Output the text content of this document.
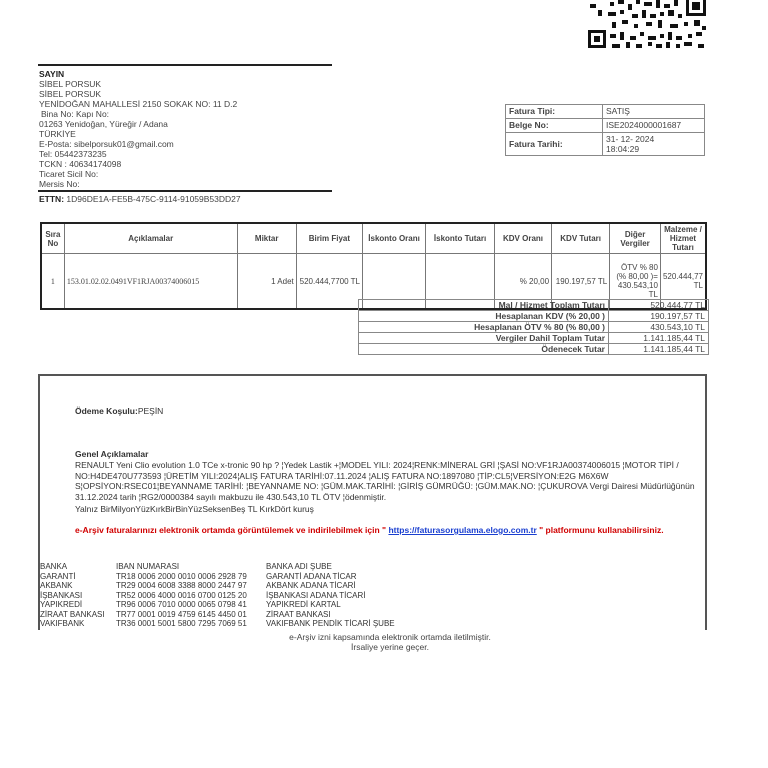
SAYIN
SİBEL PORSUK
SİBEL PORSUK
YENİDOĞAN MAHALLESİ 2150 SOKAK NO: 11 D.2
Bina No: Kapı No:
01263 Yenidoğan, Yüreğir / Adana
TÜRKİYE
E-Posta: sibelporsuk01@gmail.com
Tel: 05442373235
TCKN : 40634174098
Ticaret Sicil No:
Mersis No:
ETTN: 1D96DE1A-FE5B-475C-9114-91059B53DD27
Fatura Tipi:	SATIŞ
Belge No:	ISE2024000001687
Fatura Tarihi:	31- 12- 2024
18:04:29
Sıra No	Açıklamalar	Miktar	Birim Fiyat	İskonto Oranı	İskonto Tutarı	KDV Oranı	KDV Tutarı	Diğer Vergiler	Malzeme / Hizmet Tutarı
1	153.01.02.02.0491VF1RJA00374006015	1 Adet	520.444,7700 TL			% 20,00	190.197,57 TL	ÖTV % 80 (% 80,00 )= 430.543,10 TL	520.444,77 TL
Mal / Hizmet Toplam Tutarı	520.444,77 TL
Hesaplanan KDV (% 20,00 )	190.197,57 TL
Hesaplanan ÖTV % 80 (% 80,00 )	430.543,10 TL
Vergiler Dahil Toplam Tutar	1.141.185,44 TL
Ödenecek Tutar	1.141.185,44 TL
Ödeme Koşulu:PEŞİN
Genel Açıklamalar
RENAULT Yeni Clio evolution 1.0 TCe x-tronic 90 hp ? ¦Yedek Lastik +¦MODEL YILI: 2024¦RENK:MİNERAL GRİ ¦ŞASİ NO:VF1RJA00374006015 ¦MOTOR TİPİ / NO:H4DE470U773593 ¦ÜRETİM YILI:2024¦ALIŞ FATURA TARİHİ:07.11.2024 ¦ALIŞ FATURA NO:1897080 ¦TİP:CL5¦VERSİYON:E2G M6X6W S¦OPSİYON:RSEC01¦BEYANNAME TARİHİ: ¦BEYANNAME NO: ¦GÜM.MAK.TARİHİ: ¦GİRİŞ GÜMRÜĞÜ: ¦GÜM.MAK.NO: ¦ÇUKUROVA Vergi Dairesi Müdürlüğünün 31.12.2024 tarih ¦RG2/0000384 sayılı makbuzu ile 430.543,10 TL ÖTV ¦ödenmiştir.
Yalnız BirMilyonYüzKırkBirBinYüzSeksenBeş TL KırkDört kuruş
e-Arşiv faturalarınızı elektronik ortamda görüntülemek ve indirilebilmek için " https://faturasorgulama.elogo.com.tr " platformunu kullanabilirsiniz.
BANKA	IBAN NUMARASI	BANKA ADI ŞUBE
GARANTİ	TR18 0006 2000 0010 0006 2928 79	GARANTİ ADANA TİCAR
AKBANK	TR29 0004 6008 3388 8000 2447 97	AKBANK ADANA TİCARİ
İŞBANKASI	TR52 0006 4000 0016 0700 0125 20	İŞBANKASI ADANA TİCARİ
YAPIKREDİ	TR96 0006 7010 0000 0065 0798 41	YAPIKREDİ KARTAL
ZİRAAT BANKASI	TR77 0001 0019 4759 6145 4450 01	ZİRAAT BANKASI
VAKIFBANK	TR36 0001 5001 5800 7295 7069 51	VAKIFBANK PENDİK TİCARİ ŞUBE
e-Arşiv izni kapsamında elektronik ortamda iletilmiştir.
İrsaliye yerine geçer.
